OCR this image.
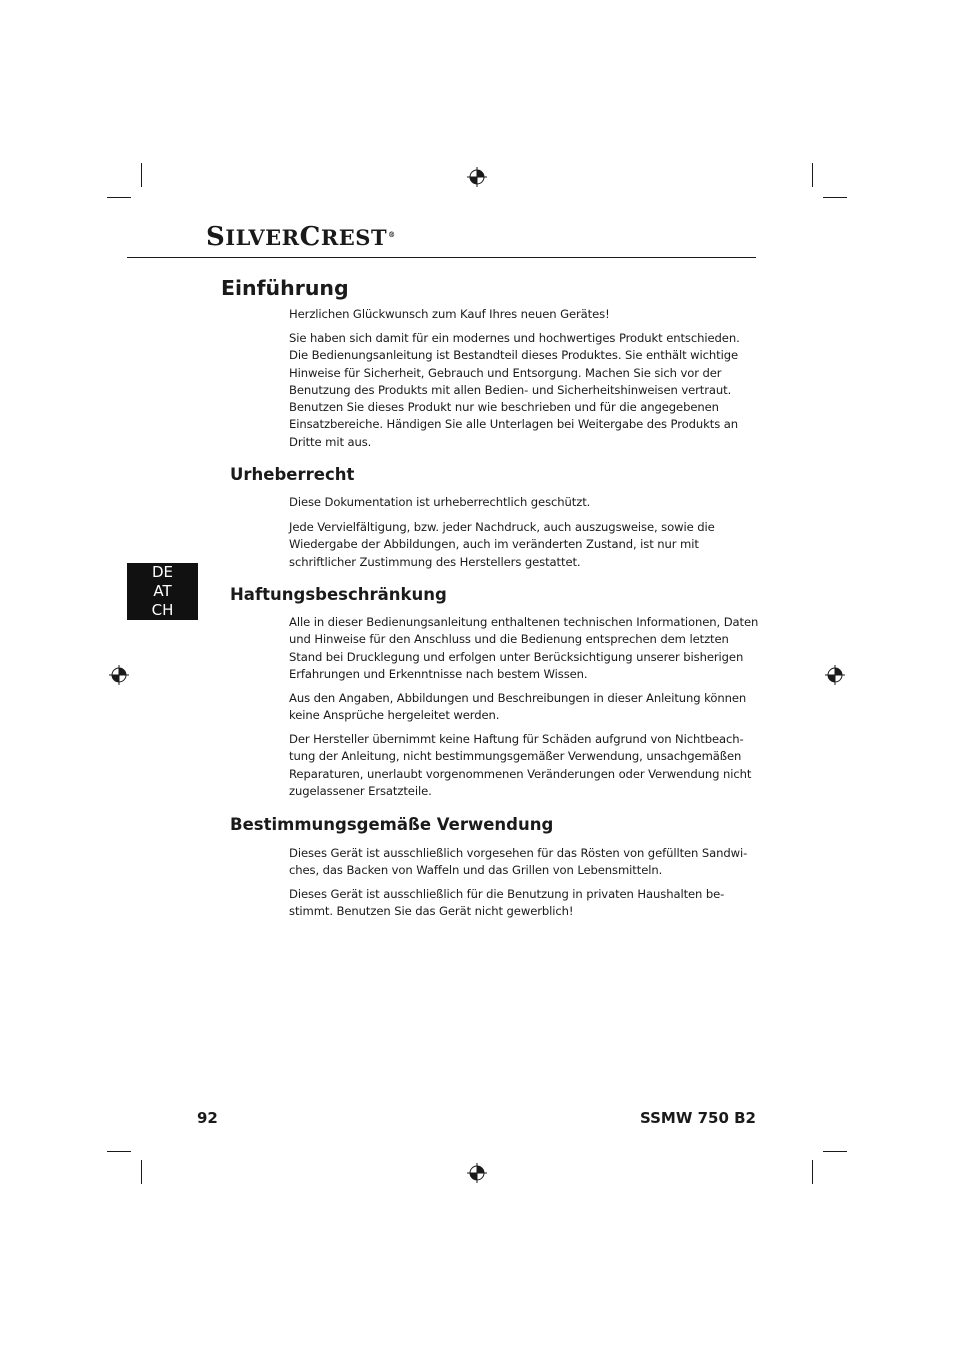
SILVERCREST®
DE
AT
CH
Einführung

Herzlichen Glückwunsch zum Kauf Ihres neuen Gerätes!

Sie haben sich damit für ein modernes und hochwertiges Produkt entschieden.
Die Bedienungsanleitung ist Bestandteil dieses Produktes. Sie enthält wichtige
Hinweise für Sicherheit, Gebrauch und Entsorgung. Machen Sie sich vor der
Benutzung des Produkts mit allen Bedien- und Sicherheitshinweisen vertraut.
Benutzen Sie dieses Produkt nur wie beschrieben und für die angegebenen
Einsatzbereiche. Händigen Sie alle Unterlagen bei Weitergabe des Produkts an
Dritte mit aus.

Urheberrecht

Diese Dokumentation ist urheberrechtlich geschützt.

Jede Vervielfältigung, bzw. jeder Nachdruck, auch auszugsweise, sowie die
Wiedergabe der Abbildungen, auch im veränderten Zustand, ist nur mit
schriftlicher Zustimmung des Herstellers gestattet.

Haftungsbeschränkung

Alle in dieser Bedienungsanleitung enthaltenen technischen Informationen, Daten
und Hinweise für den Anschluss und die Bedienung entsprechen dem letzten
Stand bei Drucklegung und erfolgen unter Berücksichtigung unserer bisherigen
Erfahrungen und Erkenntnisse nach bestem Wissen.

Aus den Angaben, Abbildungen und Beschreibungen in dieser Anleitung können
keine Ansprüche hergeleitet werden.

Der Hersteller übernimmt keine Haftung für Schäden aufgrund von Nichtbeach-
tung der Anleitung, nicht bestimmungsgemäßer Verwendung, unsachgemäßen
Reparaturen, unerlaubt vorgenommenen Veränderungen oder Verwendung nicht
zugelassener Ersatzteile.

Bestimmungsgemäße Verwendung

Dieses Gerät ist ausschließlich vorgesehen für das Rösten von gefüllten Sandwi-
ches, das Backen von Waffeln und das Grillen von Lebensmitteln.

Dieses Gerät ist ausschließlich für die Benutzung in privaten Haushalten be-
stimmt. Benutzen Sie das Gerät nicht gewerblich!

92	SSMW 750 B2
